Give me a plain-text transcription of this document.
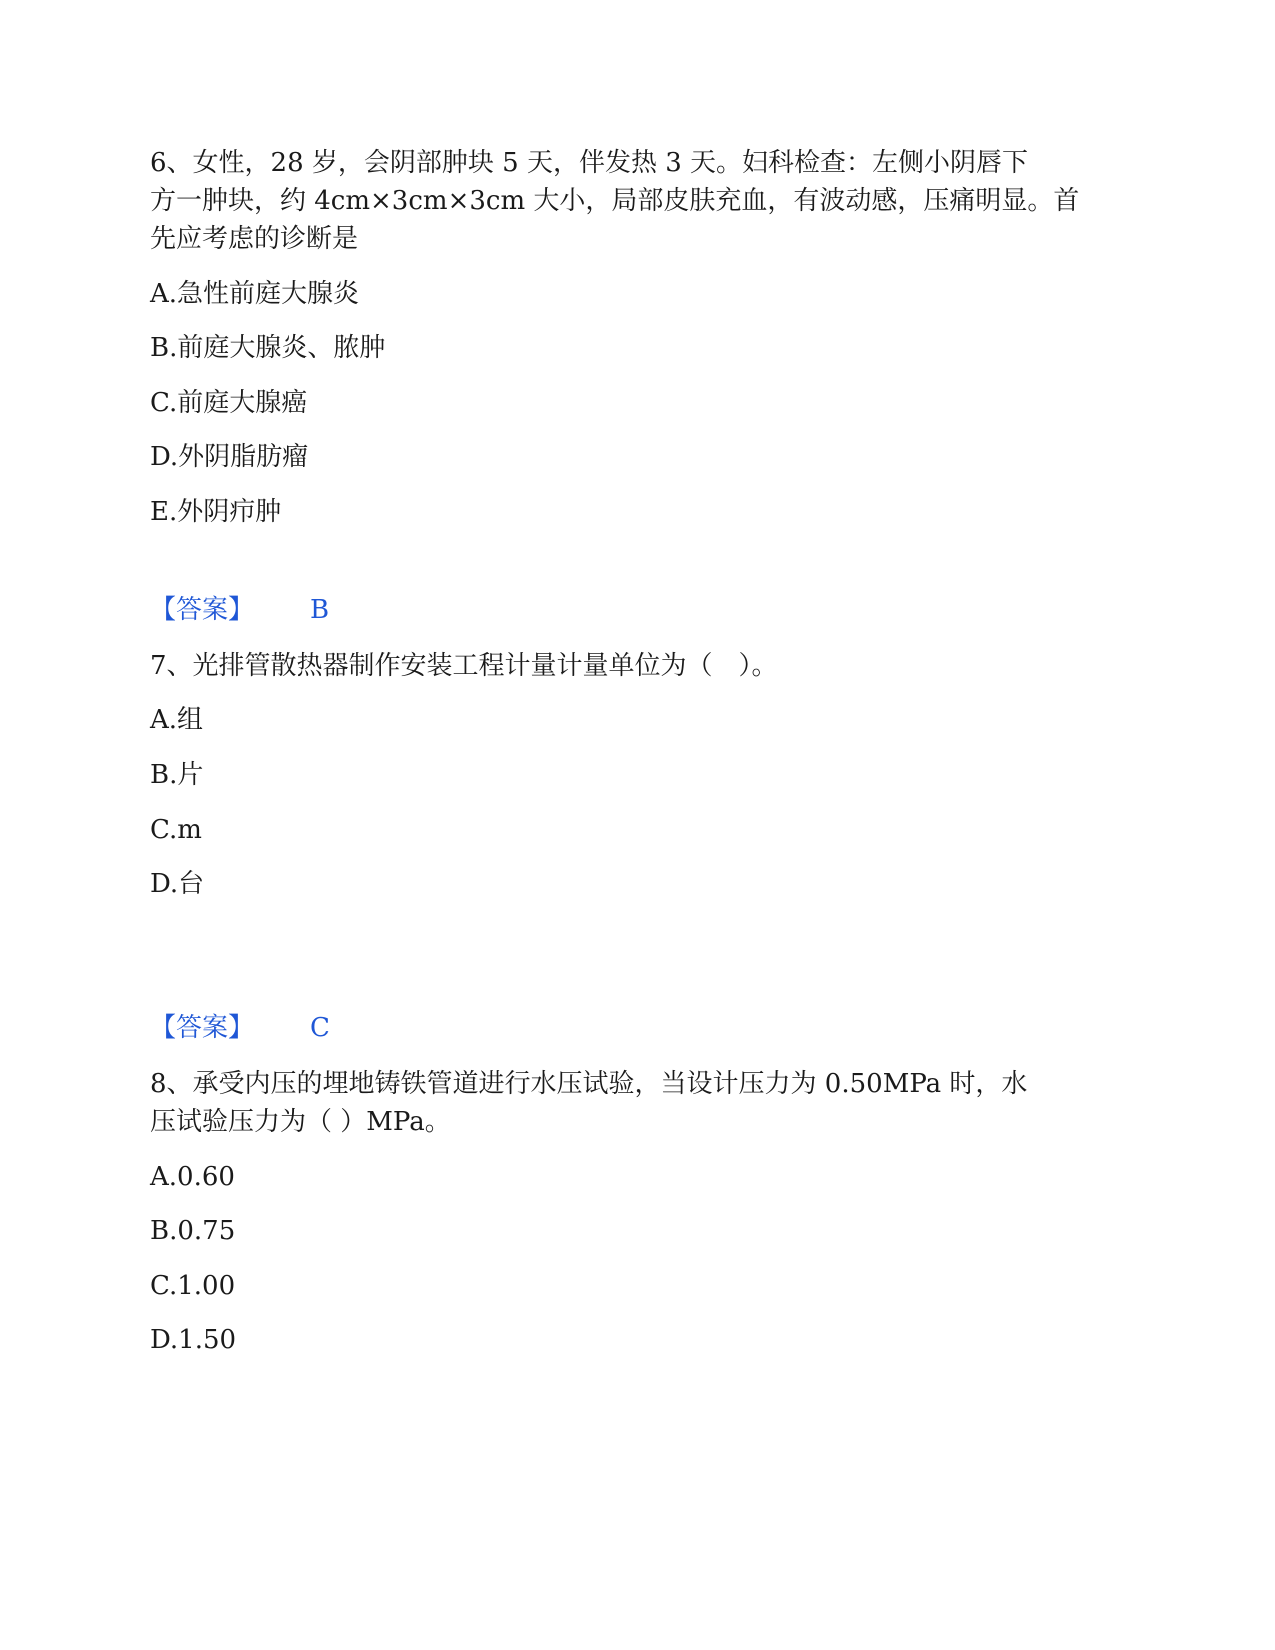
6、女性，28 岁，会阴部肿块 5 天，伴发热 3 天。妇科检查：左侧小阴唇下
方一肿块，约 4cm×3cm×3cm 大小，局部皮肤充血，有波动感，压痛明显。首
先应考虑的诊断是
A.急性前庭大腺炎
B.前庭大腺炎、脓肿
C.前庭大腺癌
D.外阴脂肪瘤
E.外阴疖肿
【答案】 B
7、光排管散热器制作安装工程计量计量单位为（　）。
A.组
B.片
C.m
D.台
【答案】 C
8、承受内压的埋地铸铁管道进行水压试验，当设计压力为 0.50MPa 时，水
压试验压力为（ ）MPa。
A.0.60
B.0.75
C.1.00
D.1.50
